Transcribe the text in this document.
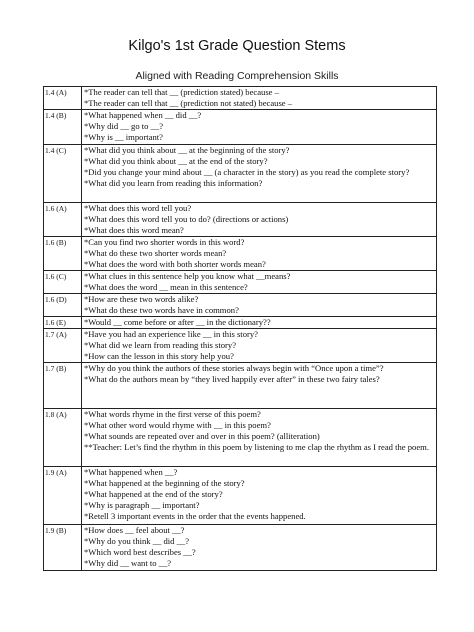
Kilgo's 1st Grade Question Stems
Aligned with Reading Comprehension Skills
1.4 (A)	*The reader can tell that __ (prediction stated) because –
*The reader can tell that __ (prediction not stated) because –

1.4 (B)	*What happened when __ did __?
*Why did __ go to __?
*Why is __ important?

1.4 (C)	*What did you think about __ at the beginning of the story?
*What did you think about __ at the end of the story?
*Did you change your mind about __ (a character in the story) as you read the complete story?
*What did you learn from reading this information?

1.6 (A)	*What does this word tell you?
*What does this word tell you to do? (directions or actions)
*What does this word mean?

1.6 (B)	*Can you find two shorter words in this word?
*What do these two shorter words mean?
*What does the word with both shorter words mean?

1.6 (C)	*What clues in this sentence help you know what __means?
*What does the word __ mean in this sentence?

1.6 (D)	*How are these two words alike?
*What do these two words have in common?

1.6 (E)	*Would __ come before or after __ in the dictionary??

1.7 (A)	*Have you had an experience like __ in this story?
*What did we learn from reading this story?
*How can the lesson in this story help you?

1.7 (B)	*Why do you think the authors of these stories always begin with “Once upon a time”?
*What do the authors mean by “they lived happily ever after” in these two fairy tales?

1.8 (A)	*What words rhyme in the first verse of this poem?
*What other word would rhyme with __ in this poem?
*What sounds are repeated over and over in this poem? (alliteration)
**Teacher: Let’s find the rhythm in this poem by listening to me clap the rhythm as I read the poem.

1.9 (A)	*What happened when __?
*What happened at the beginning of the story?
*What happened at the end of the story?
*Why is paragraph __ important?
*Retell 3 important events in the order that the events happened.

1.9 (B)	*How does __ feel about __?
*Why do you think __ did __?
*Which word best describes __?
*Why did __ want to __?
